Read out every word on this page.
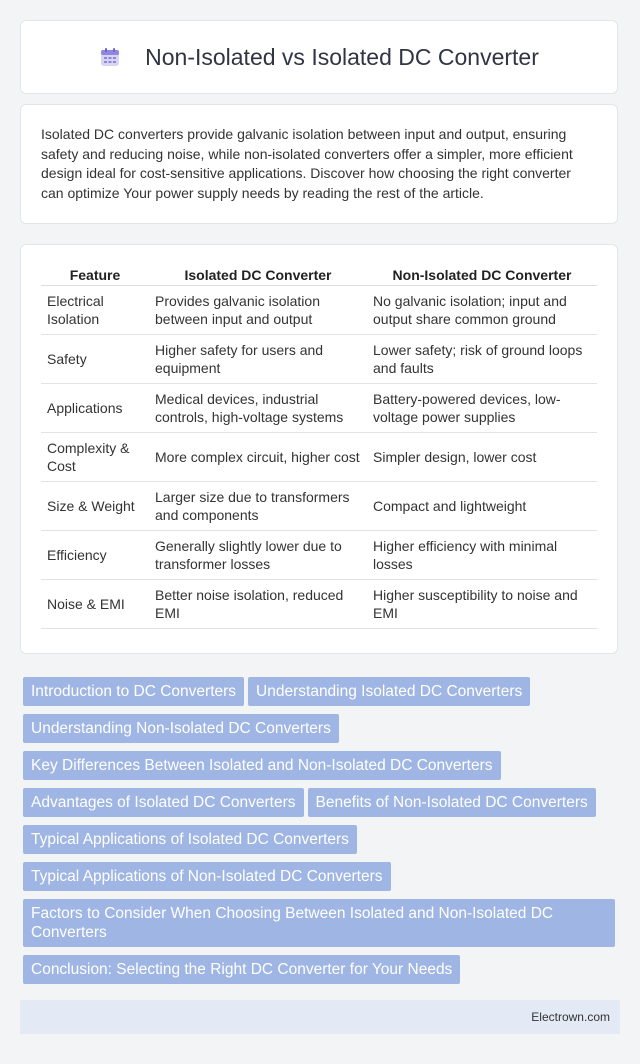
Non-Isolated vs Isolated DC Converter

Isolated DC converters provide galvanic isolation between input and output, ensuring safety and reducing noise, while non-isolated converters offer a simpler, more efficient design ideal for cost-sensitive applications. Discover how choosing the right converter can optimize Your power supply needs by reading the rest of the article.

Feature	Isolated DC Converter	Non-Isolated DC Converter
Electrical Isolation	Provides galvanic isolation between input and output	No galvanic isolation; input and output share common ground
Safety	Higher safety for users and equipment	Lower safety; risk of ground loops and faults
Applications	Medical devices, industrial controls, high-voltage systems	Battery-powered devices, low-voltage power supplies
Complexity & Cost	More complex circuit, higher cost	Simpler design, lower cost
Size & Weight	Larger size due to transformers and components	Compact and lightweight
Efficiency	Generally slightly lower due to transformer losses	Higher efficiency with minimal losses
Noise & EMI	Better noise isolation, reduced EMI	Higher susceptibility to noise and EMI
Introduction to DC Converters Understanding Isolated DC Converters
Understanding Non-Isolated DC Converters
Key Differences Between Isolated and Non-Isolated DC Converters
Advantages of Isolated DC Converters Benefits of Non-Isolated DC Converters
Typical Applications of Isolated DC Converters
Typical Applications of Non-Isolated DC Converters
Factors to Consider When Choosing Between Isolated and Non-Isolated DC Converters
Conclusion: Selecting the Right DC Converter for Your Needs
Electrown.com
